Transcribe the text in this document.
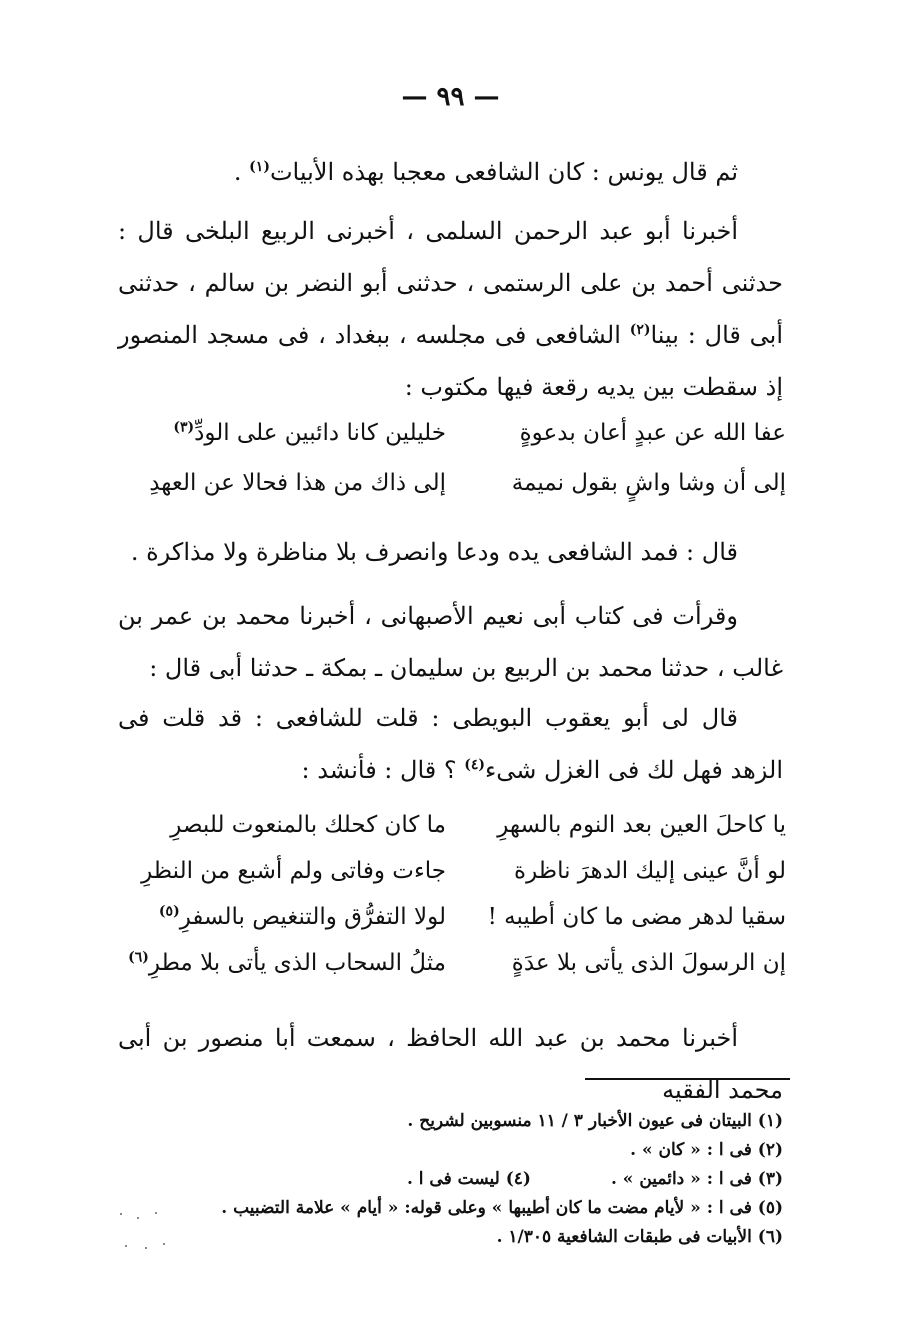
— ٩٩ —

ثم قال يونس : كان الشافعى معجبا بهذه الأبيات$^{(١)}$ .

أخبرنا أبو عبد الرحمن السلمى ، أخبرنى الربيع البلخى قال : حدثنى أحمد بن على الرستمى ، حدثنى أبو النضر بن سالم ، حدثنى أبى قال : بينا$^{(٢)}$ الشافعى فى مجلسه ، ببغداد ، فى مسجد المنصور إذ سقطت بين يديه رقعة فيها مكتوب :

عفا الله عن عبدٍ أعان بدعوةٍ
خليلين كانا دائبين على الودِّ$^{(٣)}$
إلى أن وشا واشٍ بقول نميمة
إلى ذاك من هذا فحالا عن العهدِ

قال : فمد الشافعى يده ودعا وانصرف بلا مناظرة ولا مذاكرة .

وقرأت فى كتاب أبى نعيم الأصبهانى ، أخبرنا محمد بن عمر بن غالب ، حدثنا محمد بن الربيع بن سليمان ـ بمكة ـ حدثنا أبى قال :

قال لى أبو يعقوب البويطى : قلت للشافعى : قد قلت فى الزهد فهل لك فى الغزل شىء$^{(٤)}$ ؟ قال : فأنشد :

يا كاحلَ العين بعد النوم بالسهرِ
ما كان كحلك بالمنعوت للبصرِ
لو أنَّ عينى إليك الدهرَ ناظرة
جاءت وفاتى ولم أشبع من النظرِ
سقيا لدهر مضى ما كان أطيبه !
لولا التفرُّق والتنغيص بالسفرِ$^{(٥)}$
إن الرسولَ الذى يأتى بلا عدَةٍ
مثلُ السحاب الذى يأتى بلا مطرِ$^{(٦)}$

أخبرنا محمد بن عبد الله الحافظ ، سمعت أبا منصور بن أبى محمد الفقيه

(١) البيتان فى عيون الأخبار ٣ / ١١ منسوبين لشريح .
(٢) فى ا : « كان » .
(٣) فى ا : « دائمين » .
(٤) ليست فى ا .
(٥) فى ا : « لأيام مضت ما كان أطيبها » وعلى قوله: « أيام » علامة التضبيب .
(٦) الأبيات فى طبقات الشافعية ١/٣٠٥ .
